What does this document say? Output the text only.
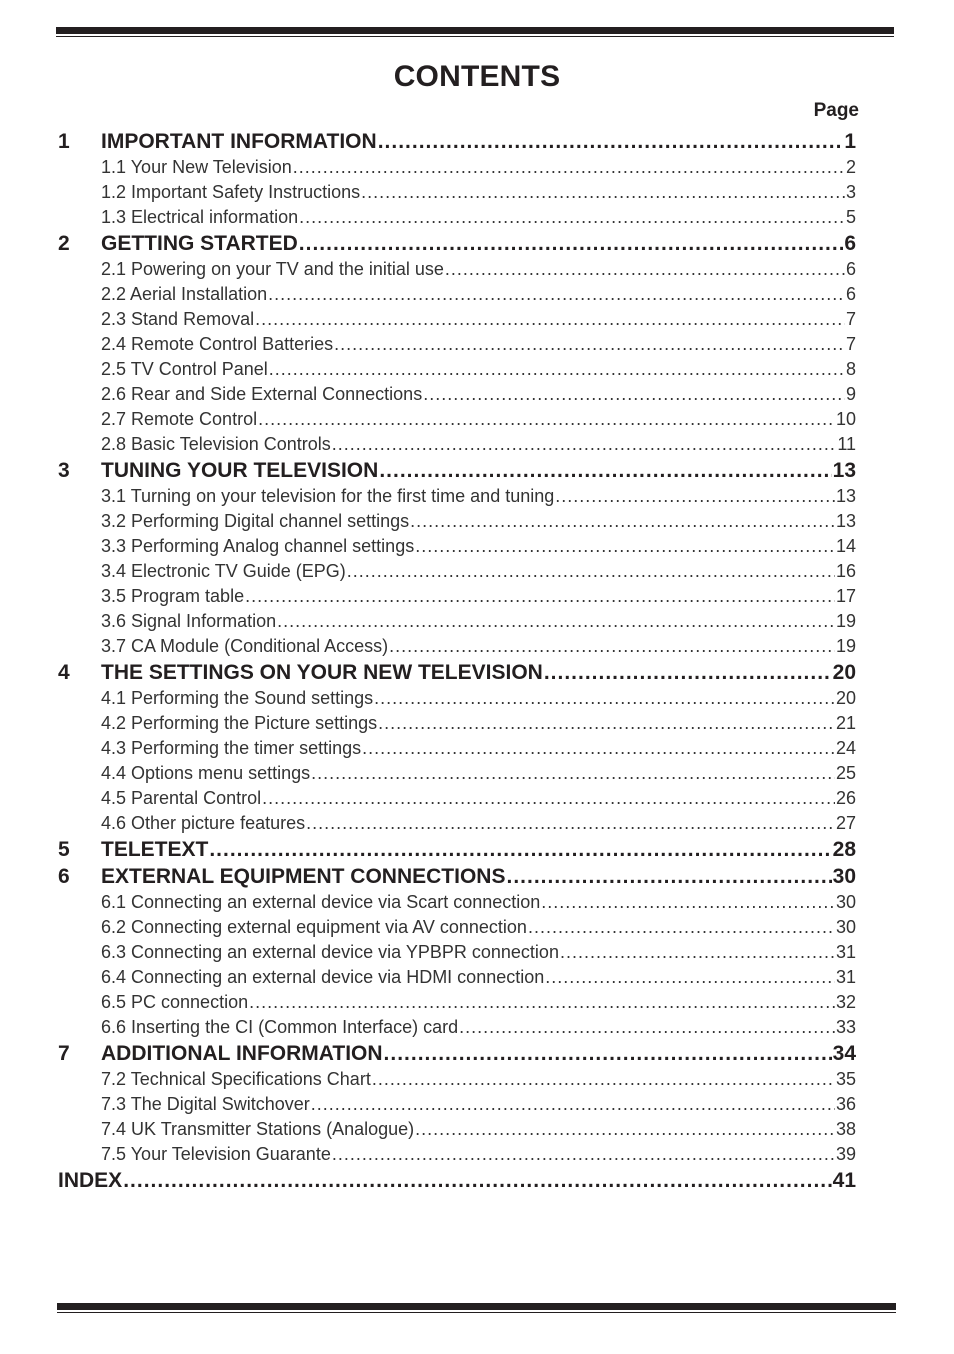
CONTENTS
Page
1	IMPORTANT INFORMATION .....	1
1.1 Your New Television .....	2
1.2 Important Safety Instructions .....	3
1.3 Electrical information .....	5
2	GETTING STARTED .....	6
2.1 Powering on your TV and the initial use .....	6
2.2 Aerial Installation .....	6
2.3 Stand Removal .....	7
2.4 Remote Control Batteries .....	7
2.5 TV Control Panel .....	8
2.6 Rear and Side External Connections .....	9
2.7 Remote Control .....	10
2.8 Basic Television Controls .....	11
3	TUNING YOUR TELEVISION .....	13
3.1 Turning on your television for the first time and tuning .....	13
3.2 Performing Digital channel settings .....	13
3.3 Performing Analog channel settings .....	14
3.4 Electronic TV Guide (EPG) .....	16
3.5 Program table .....	17
3.6 Signal Information .....	19
3.7 CA Module (Conditional Access) .....	19
4	THE SETTINGS ON YOUR NEW TELEVISION .....	20
4.1 Performing the Sound settings .....	20
4.2 Performing the Picture settings .....	21
4.3 Performing the timer settings .....	24
4.4 Options menu settings .....	25
4.5 Parental Control .....	26
4.6 Other picture features .....	27
5	TELETEXT .....	28
6	EXTERNAL EQUIPMENT CONNECTIONS .....	30
6.1 Connecting an external device via Scart connection .....	30
6.2 Connecting external equipment via AV connection .....	30
6.3 Connecting an external device via YPBPR connection .....	31
6.4 Connecting an external device via HDMI connection .....	31
6.5 PC connection .....	32
6.6 Inserting the CI (Common Interface) card .....	33
7	ADDITIONAL INFORMATION .....	34
7.2 Technical Specifications Chart .....	35
7.3 The Digital Switchover .....	36
7.4 UK Transmitter Stations (Analogue) .....	38
7.5 Your Television Guarante .....	39
INDEX .....	41
